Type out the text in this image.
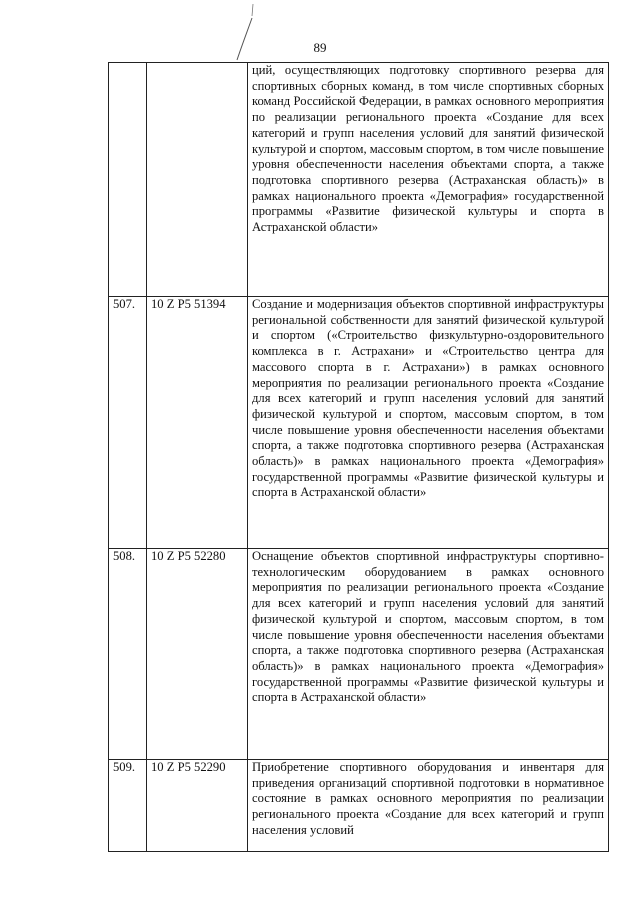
89

		ций, осуществляющих подготовку спортивного резерва для спортивных сборных команд, в том числе спортивных сборных команд Российской Федерации, в рамках основного мероприятия по реализации регионального проекта «Создание для всех категорий и групп населения условий для занятий физической культурой и спортом, массовым спортом, в том числе повышение уровня обеспеченности населения объектами спорта, а также подготовка спортивного резерва (Астраханская область)» в рамках национального проекта «Демография» государственной программы «Развитие физической культуры и спорта в Астраханской области»

507.	10 Z P5 51394	Создание и модернизация объектов спортивной инфраструктуры региональной собственности для занятий физической культурой и спортом («Строительство физкультурно-оздоровительного комплекса в г. Астрахани» и «Строительство центра для массового спорта в г. Астрахани») в рамках основного мероприятия по реализации регионального проекта «Создание для всех категорий и групп населения условий для занятий физической культурой и спортом, массовым спортом, в том числе повышение уровня обеспеченности населения объектами спорта, а также подготовка спортивного резерва (Астраханская область)» в рамках национального проекта «Демография» государственной программы «Развитие физической культуры и спорта в Астраханской области»

508.	10 Z P5 52280	Оснащение объектов спортивной инфраструктуры спортивно-технологическим оборудованием в рамках основного мероприятия по реализации регионального проекта «Создание для всех категорий и групп населения условий для занятий физической культурой и спортом, массовым спортом, в том числе повышение уровня обеспеченности населения объектами спорта, а также подготовка спортивного резерва (Астраханская область)» в рамках национального проекта «Демография» государственной программы «Развитие физической культуры и спорта в Астраханской области»

509.	10 Z P5 52290	Приобретение спортивного оборудования и инвентаря для приведения организаций спортивной подготовки в нормативное состояние в рамках основного мероприятия по реализации регионального проекта «Создание для всех категорий и групп населения условий
